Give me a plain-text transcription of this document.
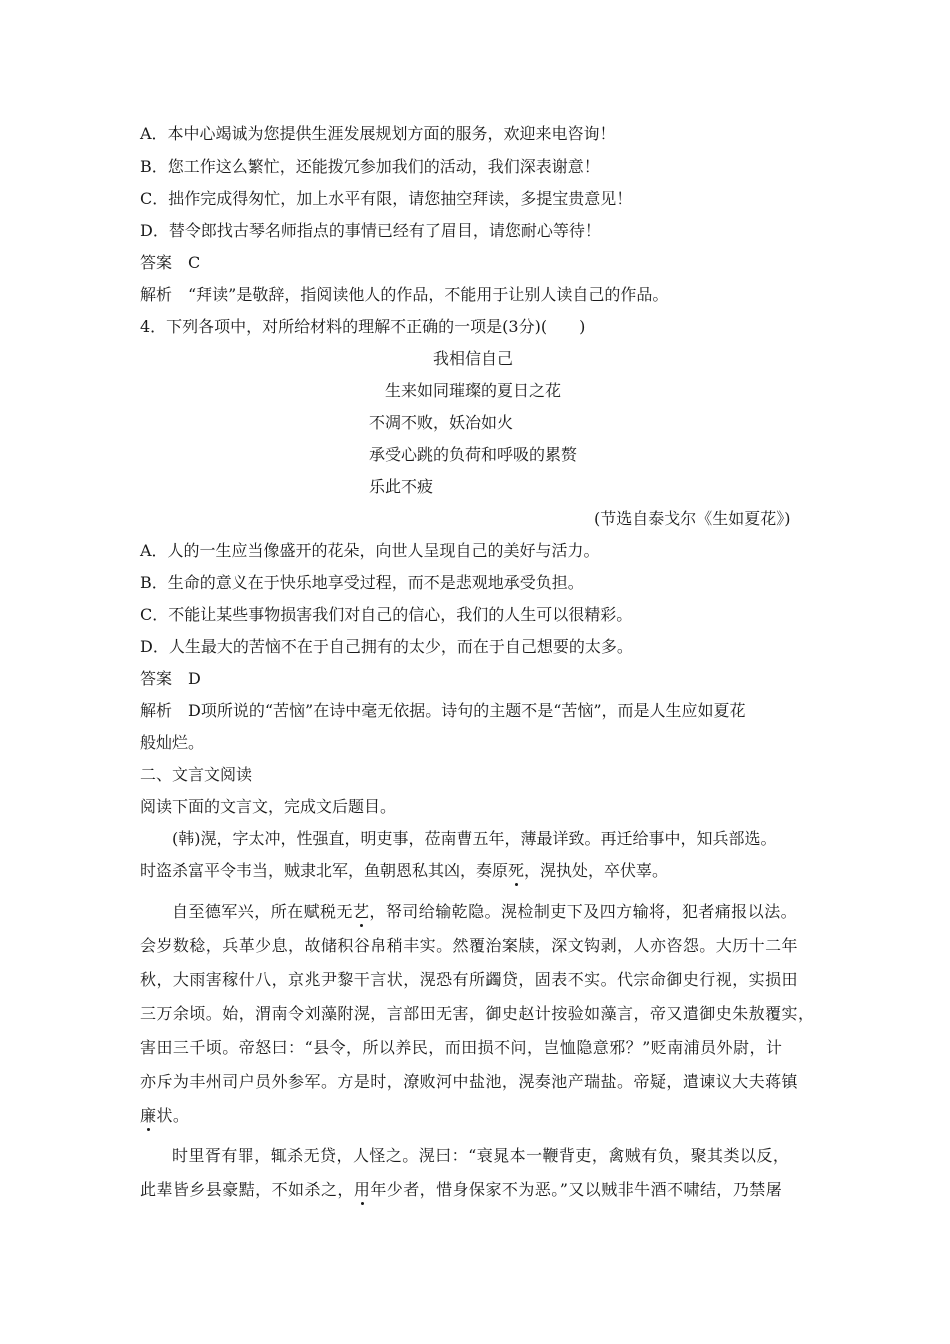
A．本中心竭诚为您提供生涯发展规划方面的服务，欢迎来电咨询！
B．您工作这么繁忙，还能拨冗参加我们的活动，我们深表谢意！
C．拙作完成得匆忙，加上水平有限，请您抽空拜读，多提宝贵意见！
D．替令郎找古琴名师指点的事情已经有了眉目，请您耐心等待！
答案　C
解析　“拜读”是敬辞，指阅读他人的作品，不能用于让别人读自己的作品。
4．下列各项中，对所给材料的理解不正确的一项是(3分)(　　)
我相信自己
生来如同璀璨的夏日之花
不凋不败，妖冶如火
承受心跳的负荷和呼吸的累赘
乐此不疲
(节选自泰戈尔《生如夏花》)
A．人的一生应当像盛开的花朵，向世人呈现自己的美好与活力。
B．生命的意义在于快乐地享受过程，而不是悲观地承受负担。
C．不能让某些事物损害我们对自己的信心，我们的人生可以很精彩。
D．人生最大的苦恼不在于自己拥有的太少，而在于自己想要的太多。
答案　D
解析　D项所说的“苦恼”在诗中毫无依据。诗句的主题不是“苦恼”，而是人生应如夏花
般灿烂。
二、文言文阅读
阅读下面的文言文，完成文后题目。
(韩)滉，字太冲，性强直，明吏事，莅南曹五年，薄最详致。再迁给事中，知兵部选。
时盗杀富平令韦当，贼隶北军，鱼朝恩私其凶，奏原死，滉执处，卒伏辜。
自至德军兴，所在赋税无艺，帑司给输乾隐。滉检制吏下及四方输将，犯者痛报以法。
会岁数稔，兵革少息，故储积谷帛稍丰实。然覆治案牍，深文钩剥，人亦咨怨。大历十二年
秋，大雨害稼什八，京兆尹黎干言状，滉恐有所蠲贷，固表不实。代宗命御史行视，实损田
三万余顷。始，渭南令刘藻附滉，言部田无害，御史赵计按验如藻言，帝又遣御史朱敖覆实，
害田三千顷。帝怒曰：“县令，所以养民，而田损不问，岂恤隐意邪？”贬南浦员外尉，计
亦斥为丰州司户员外参军。方是时，潦败河中盐池，滉奏池产瑞盐。帝疑，遣谏议大夫蒋镇
廉状。
时里胥有罪，辄杀无贷，人怪之。滉曰：“衰晁本一鞭背吏，禽贼有负，聚其类以反，
此辈皆乡县豪黠，不如杀之，用年少者，惜身保家不为恶。”又以贼非牛酒不啸结，乃禁屠
